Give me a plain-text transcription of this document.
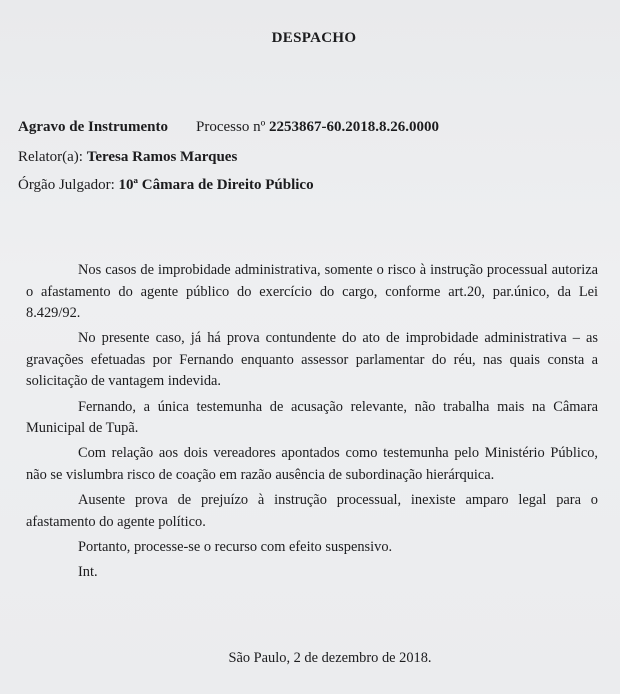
DESPACHO
Agravo de Instrumento Processo nº 2253867-60.2018.8.26.0000
Relator(a): Teresa Ramos Marques
Órgão Julgador: 10ª Câmara de Direito Público

Nos casos de improbidade administrativa, somente o risco à instrução processual autoriza o afastamento do agente público do exercício do cargo, conforme art.20, par.único, da Lei 8.429/92.

No presente caso, já há prova contundente do ato de improbidade administrativa – as gravações efetuadas por Fernando enquanto assessor parlamentar do réu, nas quais consta a solicitação de vantagem indevida.

Fernando, a única testemunha de acusação relevante, não trabalha mais na Câmara Municipal de Tupã.

Com relação aos dois vereadores apontados como testemunha pelo Ministério Público, não se vislumbra risco de coação em razão ausência de subordinação hierárquica.

Ausente prova de prejuízo à instrução processual, inexiste amparo legal para o afastamento do agente político.

Portanto, processe-se o recurso com efeito suspensivo.

Int.

São Paulo, 2 de dezembro de 2018.
